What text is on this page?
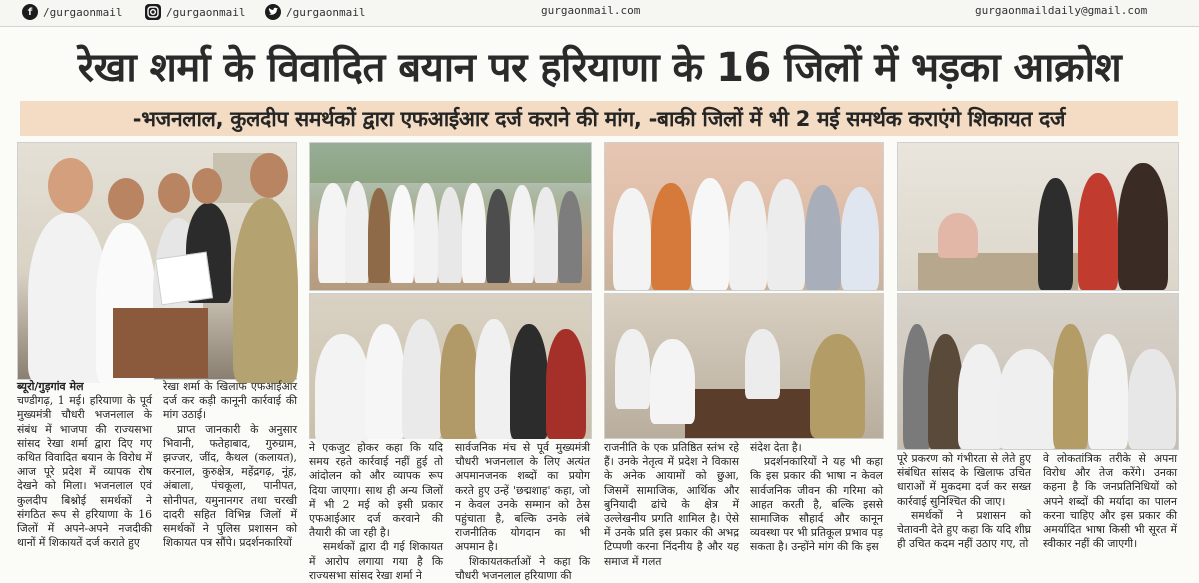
f /gurgaonmail	/gurgaonmail	/gurgaonmail	gurgaonmail.com	gurgaonmaildaily@gmail.com
रेखा शर्मा के विवादित बयान पर हरियाणा के 16 जिलों में भड़का आक्रोश
-भजनलाल, कुलदीप समर्थकों द्वारा एफआईआर दर्ज कराने की मांग, -बाकी जिलों में भी 2 मई समर्थक कराएंगे शिकायत दर्ज

ब्यूरो/गुड़गांव मेल

चण्डीगढ़, 1 मई। हरियाणा के पूर्व मुख्यमंत्री चौधरी भजनलाल के संबंध में भाजपा की राज्यसभा सांसद रेखा शर्मा द्वारा दिए गए कथित विवादित बयान के विरोध में आज पूरे प्रदेश में व्यापक रोष देखने को मिला। भजनलाल एवं कुलदीप बिश्नोई समर्थकों ने संगठित रूप से हरियाणा के 16 जिलों में अपने-अपने नजदीकी थानों में शिकायतें दर्ज कराते हुए

रेखा शर्मा के खिलाफ एफआईआर दर्ज कर कड़ी कानूनी कार्रवाई की मांग उठाई।

प्राप्त जानकारी के अनुसार भिवानी, फतेहाबाद, गुरुग्राम, झज्जर, जींद, कैथल (कलायत), करनाल, कुरुक्षेत्र, महेंद्रगढ़, नूंह, अंबाला, पंचकूला, पानीपत, सोनीपत, यमुनानगर तथा चरखी दादरी सहित विभिन्न जिलों में समर्थकों ने पुलिस प्रशासन को शिकायत पत्र सौंपे। प्रदर्शनकारियों

ने एकजुट होकर कहा कि यदि समय रहते कार्रवाई नहीं हुई तो आंदोलन को और व्यापक रूप दिया जाएगा। साथ ही अन्य जिलों में भी 2 मई को इसी प्रकार एफआईआर दर्ज करवाने की तैयारी की जा रही है।

समर्थकों द्वारा दी गई शिकायत में आरोप लगाया गया है कि राज्यसभा सांसद रेखा शर्मा ने

सार्वजनिक मंच से पूर्व मुख्यमंत्री चौधरी भजनलाल के लिए अत्यंत अपमानजनक शब्दों का प्रयोग करते हुए उन्हें 'छद्मशाह' कहा, जो न केवल उनके सम्मान को ठेस पहुंचाता है, बल्कि उनके लंबे राजनीतिक योगदान का भी अपमान है।

शिकायतकर्ताओं ने कहा कि चौधरी भजनलाल हरियाणा की

राजनीति के एक प्रतिष्ठित स्तंभ रहे हैं। उनके नेतृत्व में प्रदेश ने विकास के अनेक आयामों को छुआ, जिसमें सामाजिक, आर्थिक और बुनियादी ढांचे के क्षेत्र में उल्लेखनीय प्रगति शामिल है। ऐसे में उनके प्रति इस प्रकार की अभद्र टिप्पणी करना निंदनीय है और यह समाज में गलत

संदेश देता है।

प्रदर्शनकारियों ने यह भी कहा कि इस प्रकार की भाषा न केवल सार्वजनिक जीवन की गरिमा को आहत करती है, बल्कि इससे सामाजिक सौहार्द और कानून व्यवस्था पर भी प्रतिकूल प्रभाव पड़ सकता है। उन्होंने मांग की कि इस

पूरे प्रकरण को गंभीरता से लेते हुए संबंधित सांसद के खिलाफ उचित धाराओं में मुकदमा दर्ज कर सख्त कार्रवाई सुनिश्चित की जाए।

समर्थकों ने प्रशासन को चेतावनी देते हुए कहा कि यदि शीघ्र ही उचित कदम नहीं उठाए गए, तो

वे लोकतांत्रिक तरीके से अपना विरोध और तेज करेंगे। उनका कहना है कि जनप्रतिनिधियों को अपने शब्दों की मर्यादा का पालन करना चाहिए और इस प्रकार की अमर्यादित भाषा किसी भी सूरत में स्वीकार नहीं की जाएगी।
